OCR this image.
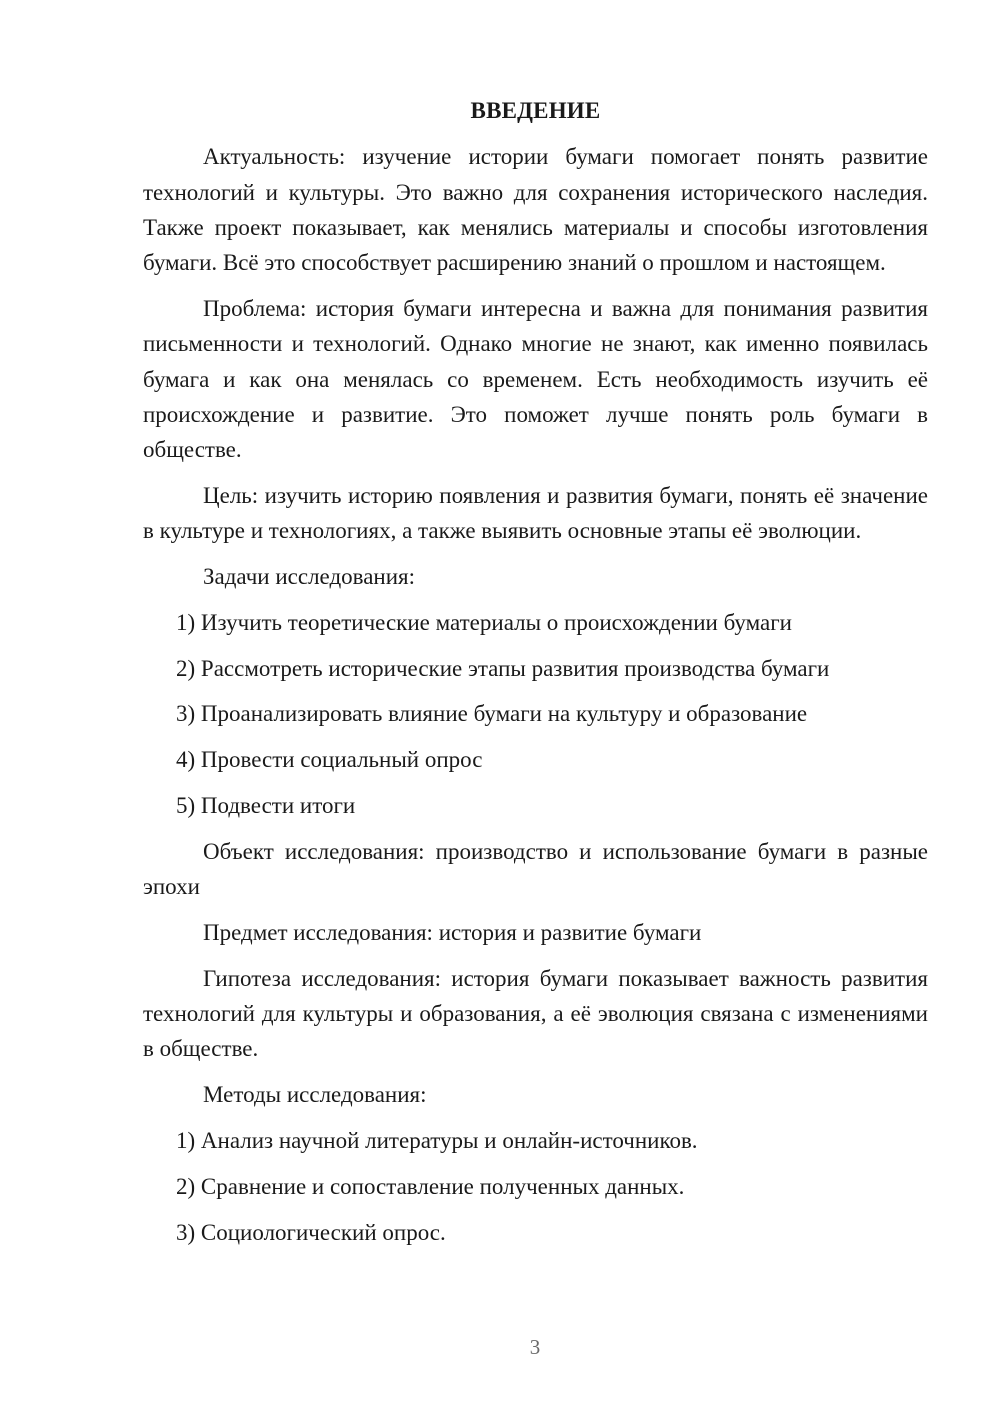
ВВЕДЕНИЕ

Актуальность: изучение истории бумаги помогает понять развитие технологий и культуры. Это важно для сохранения исторического наследия. Также проект показывает, как менялись материалы и способы изготовления бумаги. Всё это способствует расширению знаний о прошлом и настоящем.

Проблема: история бумаги интересна и важна для понимания развития письменности и технологий. Однако многие не знают, как именно появилась бумага и как она менялась со временем. Есть необходимость изучить её происхождение и развитие. Это поможет лучше понять роль бумаги в обществе.

Цель: изучить историю появления и развития бумаги, понять её значение в культуре и технологиях, а также выявить основные этапы её эволюции.

Задачи исследования:

1) Изучить теоретические материалы о происхождении бумаги
2) Рассмотреть исторические этапы развития производства бумаги
3) Проанализировать влияние бумаги на культуру и образование
4) Провести социальный опрос
5) Подвести итоги

Объект исследования: производство и использование бумаги в разные эпохи

Предмет исследования: история и развитие бумаги

Гипотеза исследования: история бумаги показывает важность развития технологий для культуры и образования, а её эволюция связана с изменениями в обществе.

Методы исследования:

1) Анализ научной литературы и онлайн-источников.
2) Сравнение и сопоставление полученных данных.
3) Социологический опрос.
3
